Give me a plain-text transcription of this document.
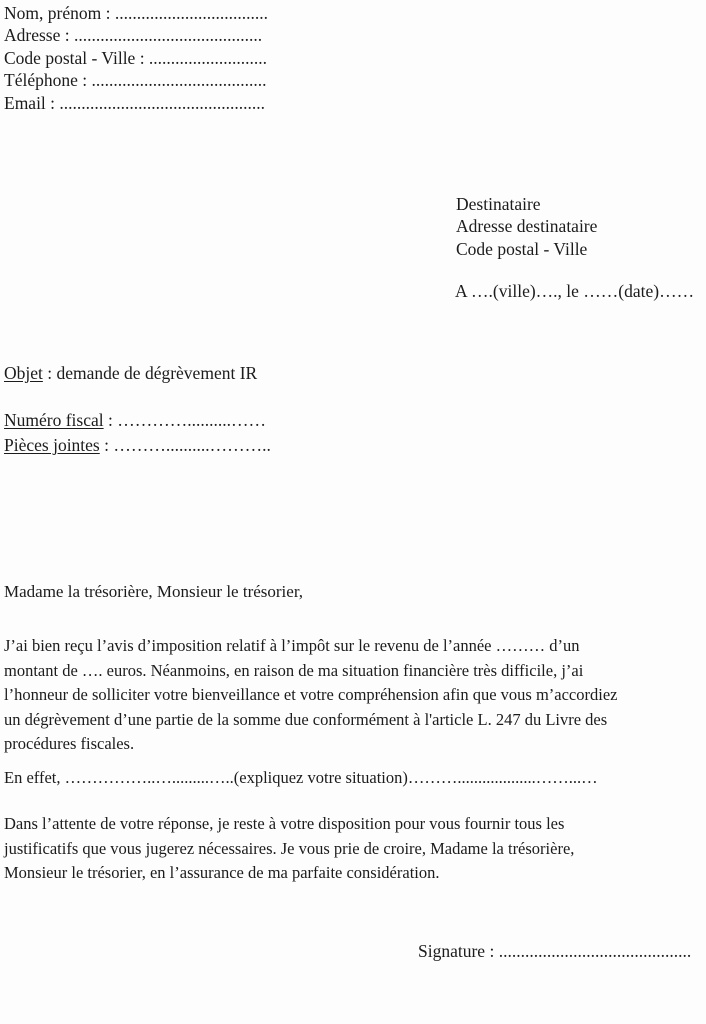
Nom, prénom : ...................................
Adresse : ...........................................
Code postal - Ville : ...........................
Téléphone : ........................................
Email : ...............................................
Destinataire
Adresse destinataire
Code postal - Ville
A ….(ville)…., le ……(date)……
Objet : demande de dégrèvement IR
Numéro fiscal : …………..........……
Pièces jointes : ………..........………..
Madame la trésorière, Monsieur le trésorier,
J’ai bien reçu l’avis d’imposition relatif à l’impôt sur le revenu de l’année ……… d’un
montant de …. euros. Néanmoins, en raison de ma situation financière très difficile, j’ai
l’honneur de solliciter votre bienveillance et votre compréhension afin que vous m’accordiez
un dégrèvement d’une partie de la somme due conformément à l'article L. 247 du Livre des
procédures fiscales.
En effet, ……………..….........…..(expliquez votre situation)………...................……...…
Dans l’attente de votre réponse, je reste à votre disposition pour vous fournir tous les
justificatifs que vous jugerez nécessaires. Je vous prie de croire, Madame la trésorière,
Monsieur le trésorier, en l’assurance de ma parfaite considération.
Signature : ............................................
